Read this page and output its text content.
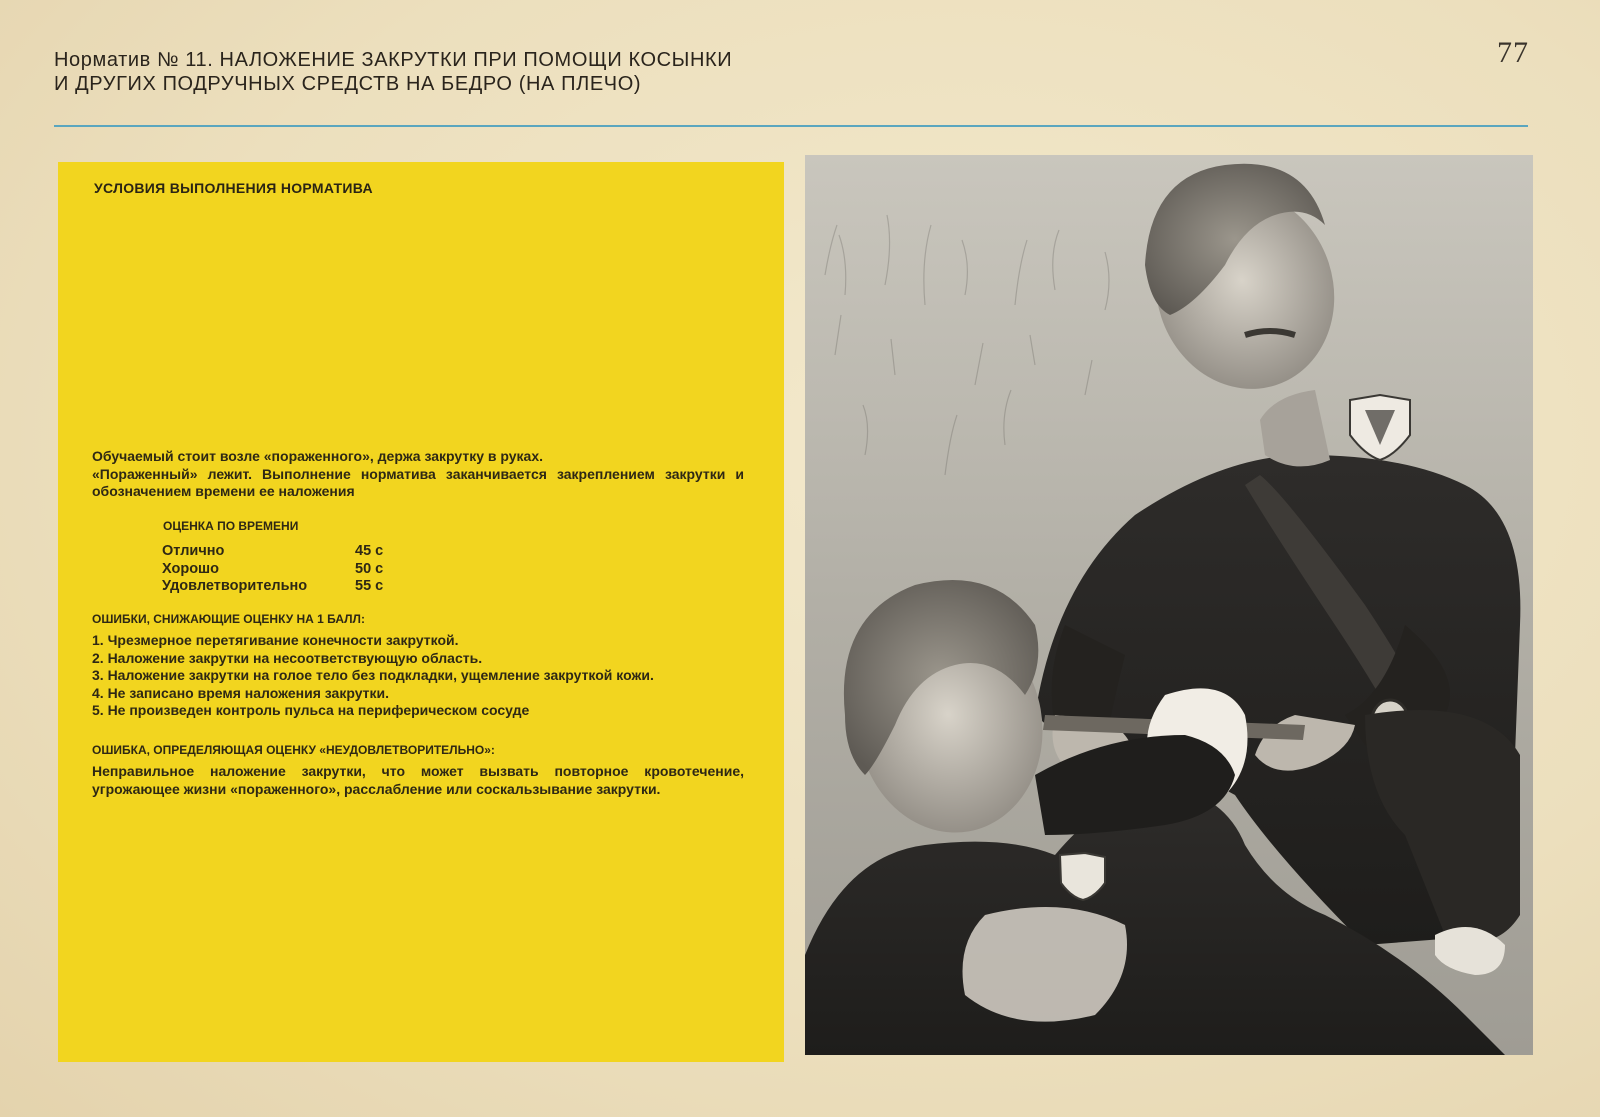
Норматив № 11. НАЛОЖЕНИЕ ЗАКРУТКИ ПРИ ПОМОЩИ КОСЫНКИ
И ДРУГИХ ПОДРУЧНЫХ СРЕДСТВ НА БЕДРО (НА ПЛЕЧО)
77
УСЛОВИЯ ВЫПОЛНЕНИЯ НОРМАТИВА

Обучаемый стоит возле «пораженного», держа закрутку в руках.

«Пораженный» лежит. Выполнение норматива заканчивается закреплением закрутки и обозначением времени ее наложения

ОЦЕНКА ПО ВРЕМЕНИ
Отлично	45 с
Хорошо	50 с
Удовлетворительно	55 с
ОШИБКИ, СНИЖАЮЩИЕ ОЦЕНКУ НА 1 БАЛЛ:
1. Чрезмерное перетягивание конечности закруткой.
2. Наложение закрутки на несоответствующую область.
3. Наложение закрутки на голое тело без подкладки, ущемление закруткой кожи.
4. Не записано время наложения закрутки.
5. Не произведен контроль пульса на периферическом сосуде
ОШИБКА, ОПРЕДЕЛЯЮЩАЯ ОЦЕНКУ «НЕУДОВЛЕТВОРИТЕЛЬНО»:
Неправильное наложение закрутки, что может вызвать повторное кровотечение, угрожающее жизни «пораженного», расслабление или соскальзывание закрутки.
